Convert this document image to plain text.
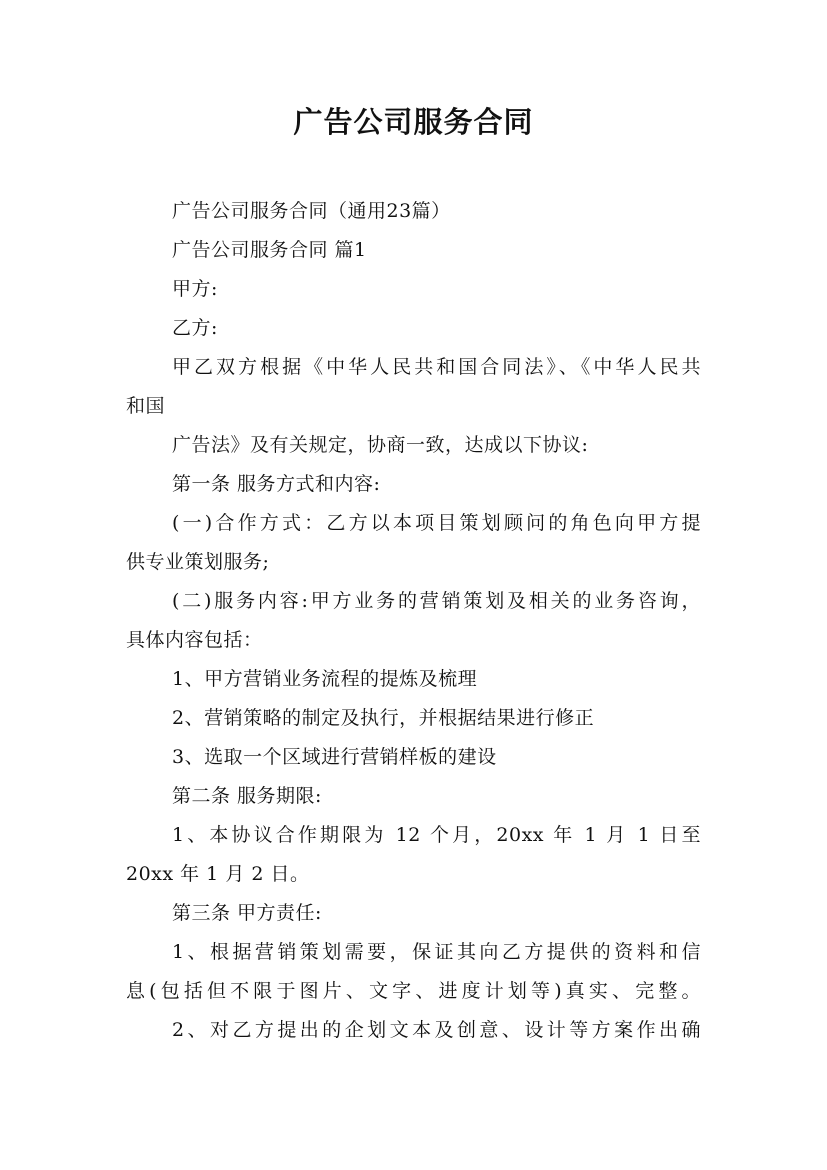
广告公司服务合同
广告公司服务合同（通用23篇）
广告公司服务合同 篇1
甲方:
乙方:
甲乙双方根据《中华人民共和国合同法》、《中华人民共
和国
广告法》及有关规定，协商一致，达成以下协议:
第一条 服务方式和内容:
(一)合作方式：乙方以本项目策划顾问的角色向甲方提
供专业策划服务;
(二)服务内容:甲方业务的营销策划及相关的业务咨询，
具体内容包括：
1、甲方营销业务流程的提炼及梳理
2、营销策略的制定及执行，并根据结果进行修正
3、选取一个区域进行营销样板的建设
第二条 服务期限:
1、本协议合作期限为 12 个月，20xx 年 1 月 1 日至
20xx 年 1 月 2 日。
第三条 甲方责任:
1、根据营销策划需要，保证其向乙方提供的资料和信
息(包括但不限于图片、文字、进度计划等)真实、完整。
2、对乙方提出的企划文本及创意、设计等方案作出确
